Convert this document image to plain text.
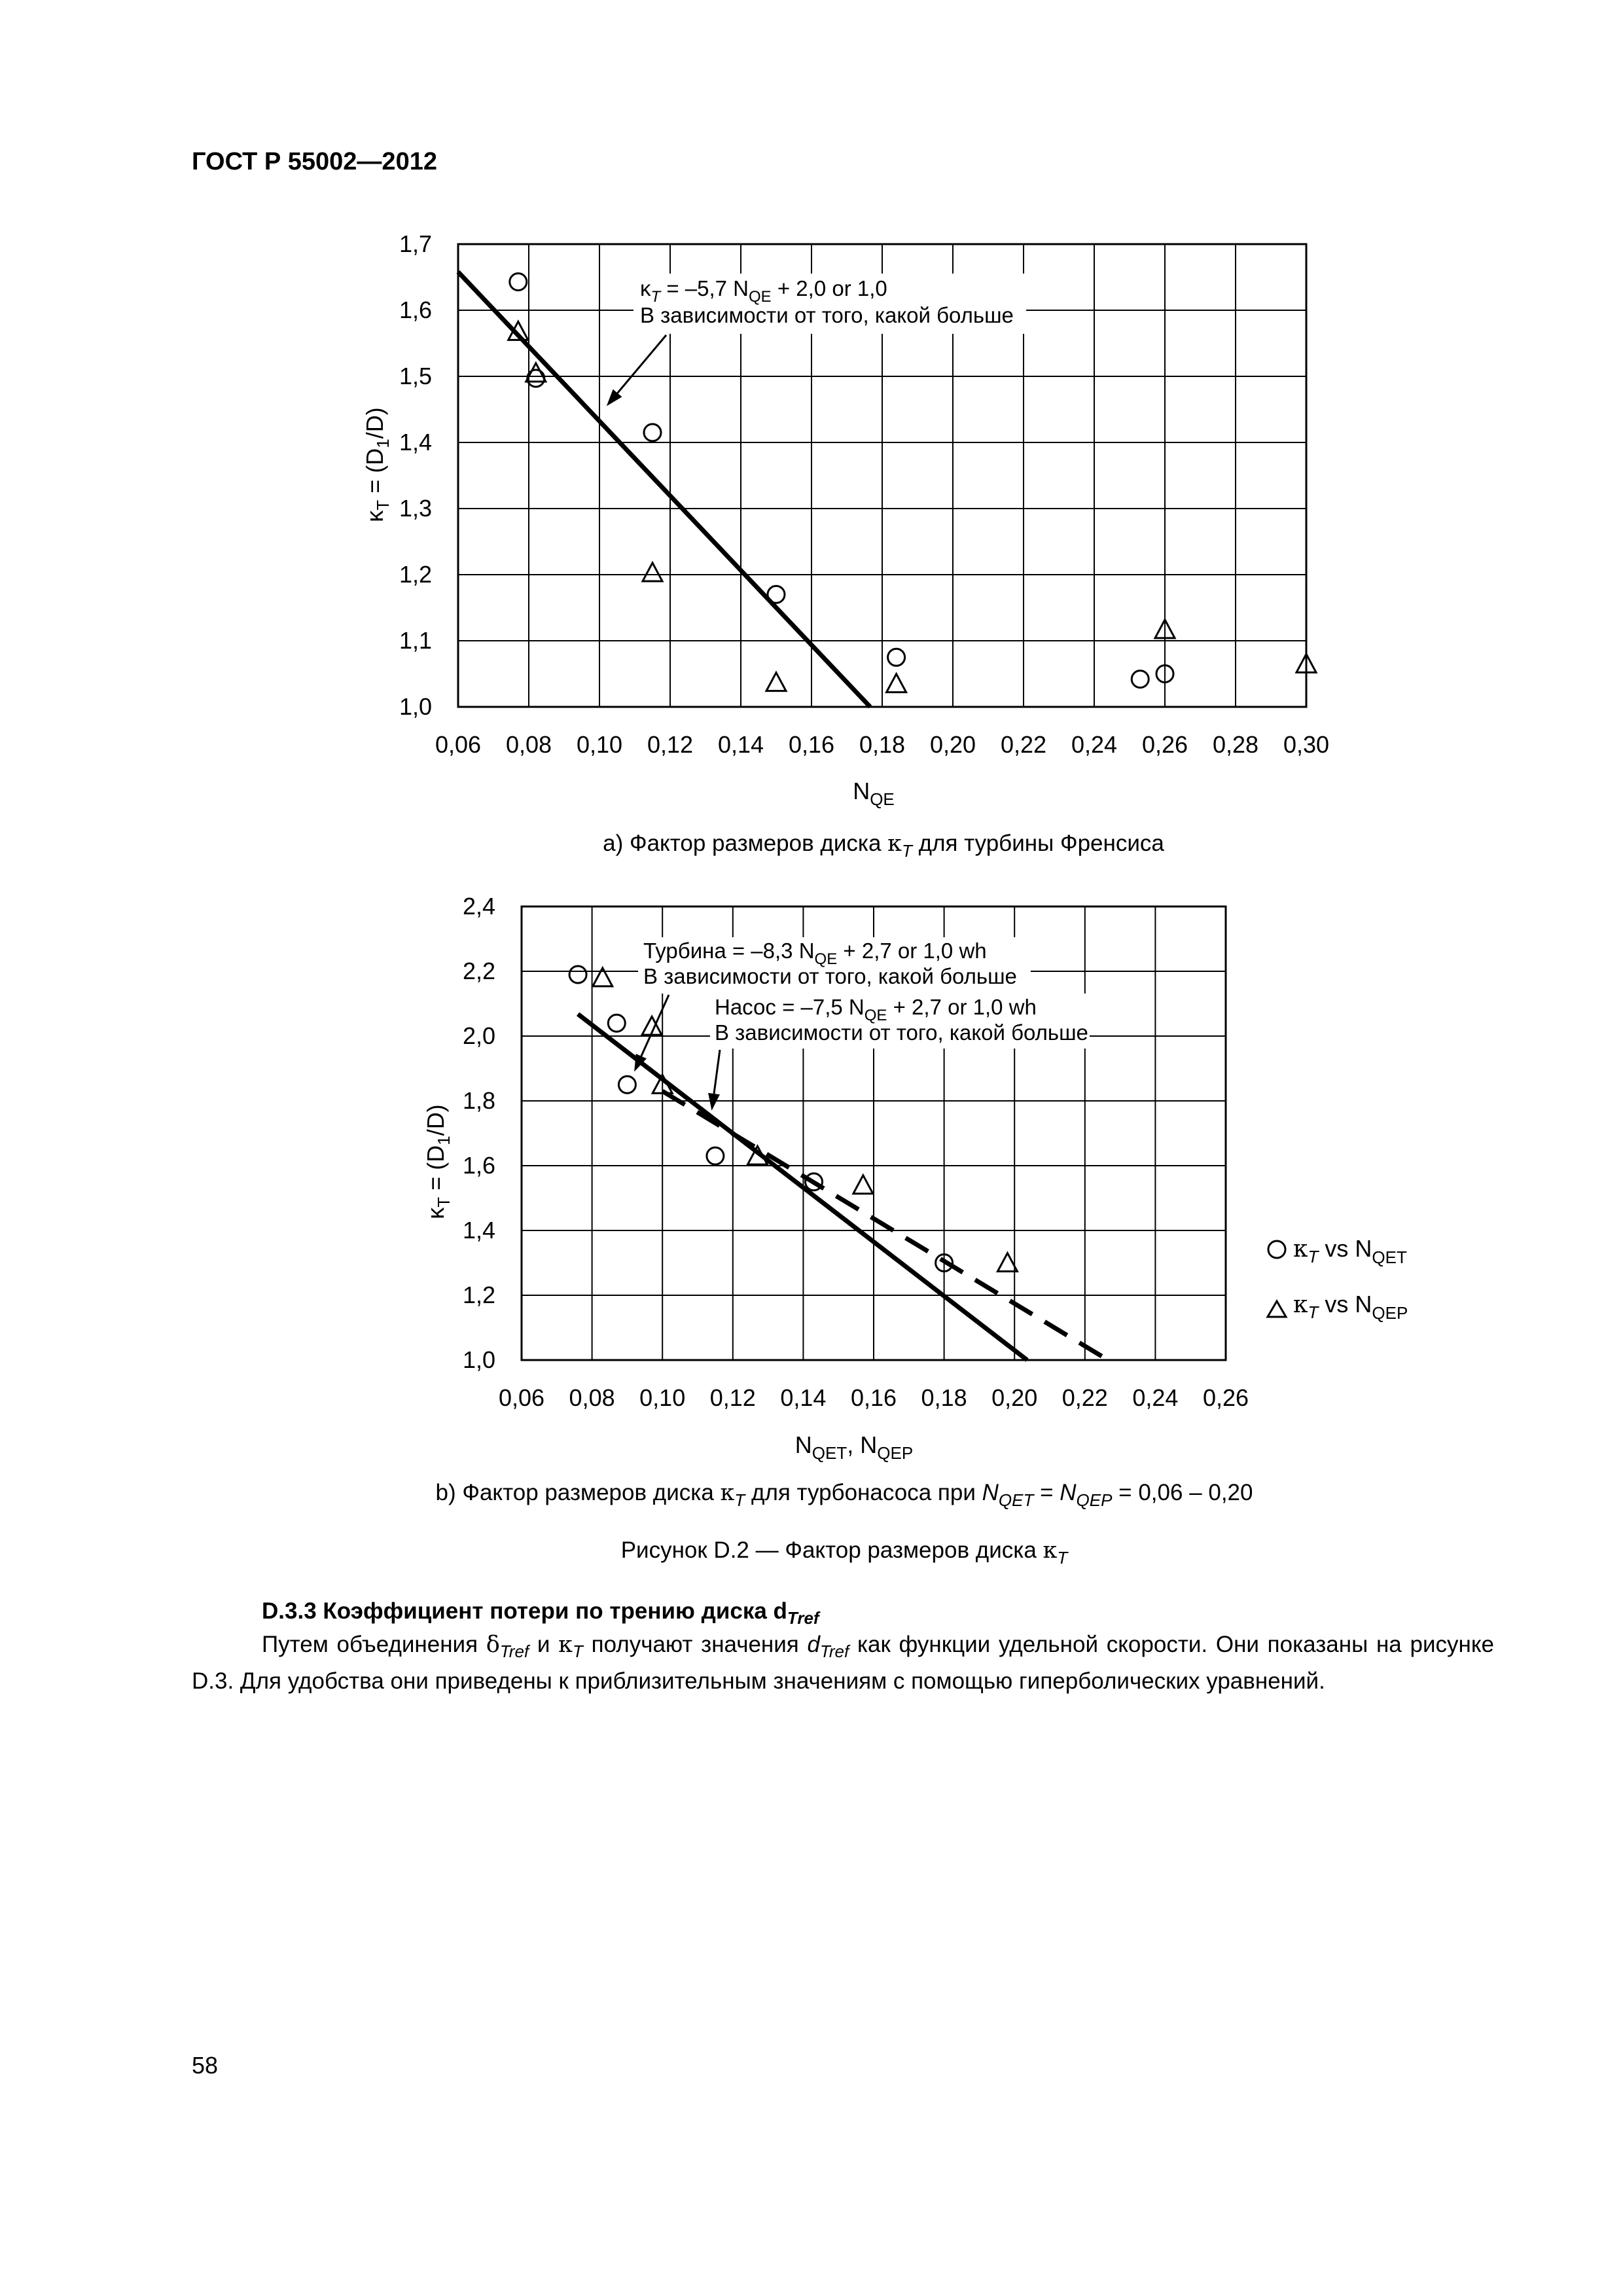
ГОСТ Р 55002—2012
0,06 0,08 0,10 0,12 0,14 0,16 0,18 0,20 0,22 0,24 0,26 0,28 0,30
1,0
1,1
1,2
1,3
1,4
1,5
1,6
1,7
$\kappa_T = -5,7$ $N_{QE} + 2,0$ or 1,0
В зависимости от того, какой больше
$N_{QE}$
$\kappa_T = (D_1/D)$
a) Фактор размеров диска $\kappa_T$ для турбины Френсиса
0,06 0,08 0,10 0,12 0,14 0,16 0,18 0,20 0,22 0,24 0,26
1,0
1,2
1,4
1,6
1,8
2,0
2,2
2,4
Турбина = –8,3 $N_{QE} + 2,7$ or 1,0 wh
В зависимости от того, какой больше
Насос = –7,5 $N_{QE} + 2,7$ or 1,0 wh
В зависимости от того, какой больше
$\kappa_T$ vs $N_{QET}$
$\kappa_T$ vs $N_{QEP}$
$N_{QET}$, $N_{QEP}$
$\kappa_T = (D_1/D)$
b) Фактор размеров диска $\kappa_T$ для турбонасоса при $N_{QET} = N_{QEP} = 0,06 - 0,20$
Рисунок D.2 — Фактор размеров диска $\kappa_T$
D.3.3 Коэффициент потери по трению диска $d_{Tref}$
Путем объединения $\delta_{Tref}$ и $\kappa_T$ получают значения $d_{Tref}$ как функции удельной скорости. Они показаны на рисунке D.3. Для удобства они приведены к приблизительным значениям с помощью гиперболических уравнений.
58
